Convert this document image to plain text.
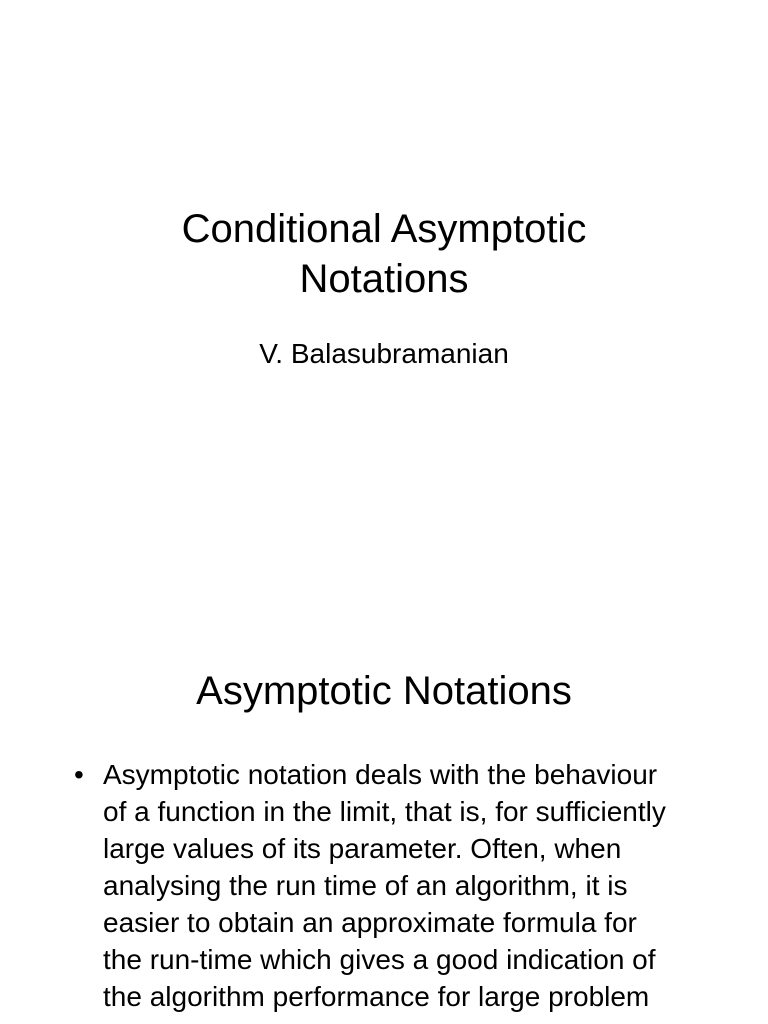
Conditional Asymptotic
Notations

V. Balasubramanian

Asymptotic Notations
• Asymptotic notation deals with the behaviour of a function in the limit, that is, for sufficiently large values of its parameter. Often, when analysing the run time of an algorithm, it is easier to obtain an approximate formula for the run-time which gives a good indication of the algorithm performance for large problem
